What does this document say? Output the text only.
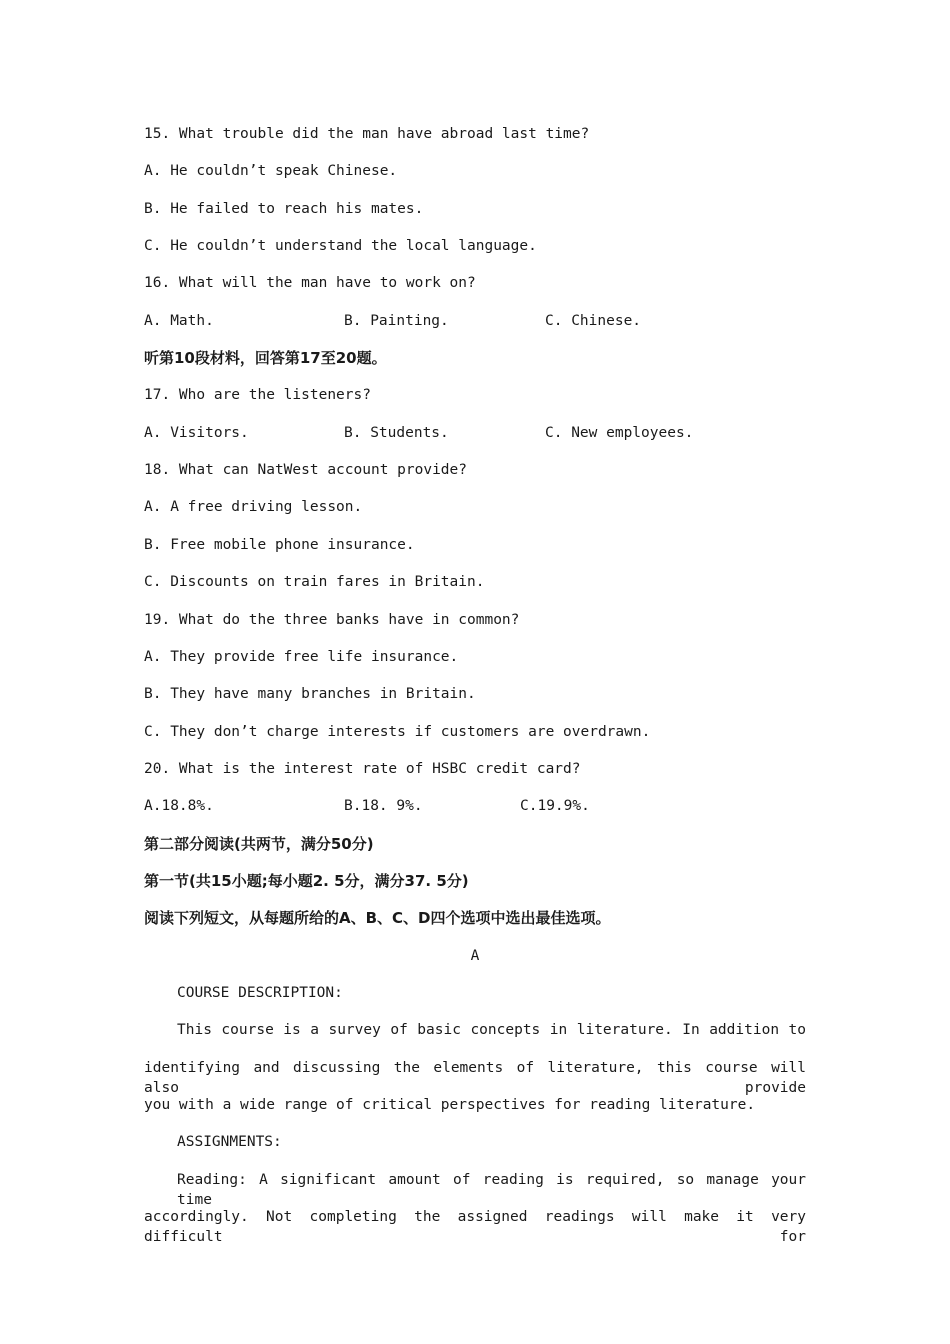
15. What trouble did the man have abroad last time?
A. He couldn’t speak Chinese.
B. He failed to reach his mates.
C. He couldn’t understand the local language.
16. What will the man have to work on?
A. Math.	B. Painting.	C. Chinese.
听第10段材料，回答第17至20题。
17. Who are the listeners?
A. Visitors.	B. Students.	C. New employees.
18. What can NatWest account provide?
A. A free driving lesson.
B. Free mobile phone insurance.
C. Discounts on train fares in Britain.
19. What do the three banks have in common?
A. They provide free life insurance.
B. They have many branches in Britain.
C. They don’t charge interests if customers are overdrawn.
20. What is the interest rate of HSBC credit card?
A.18.8%.	B.18. 9%.	C.19.9%.
第二部分阅读(共两节，满分50分)
第一节(共15小题;每小题2. 5分，满分37. 5分)
阅读下列短文，从每题所给的A、B、C、D四个选项中选出最佳选项。
A
COURSE DESCRIPTION:
This course is a survey of basic concepts in literature. In addition to
identifying and discussing the elements of literature, this course will also provide
you with a wide range of critical perspectives for reading literature.
ASSIGNMENTS:
Reading: A significant amount of reading is required, so manage your time
accordingly. Not completing the assigned readings will make it very difficult for
